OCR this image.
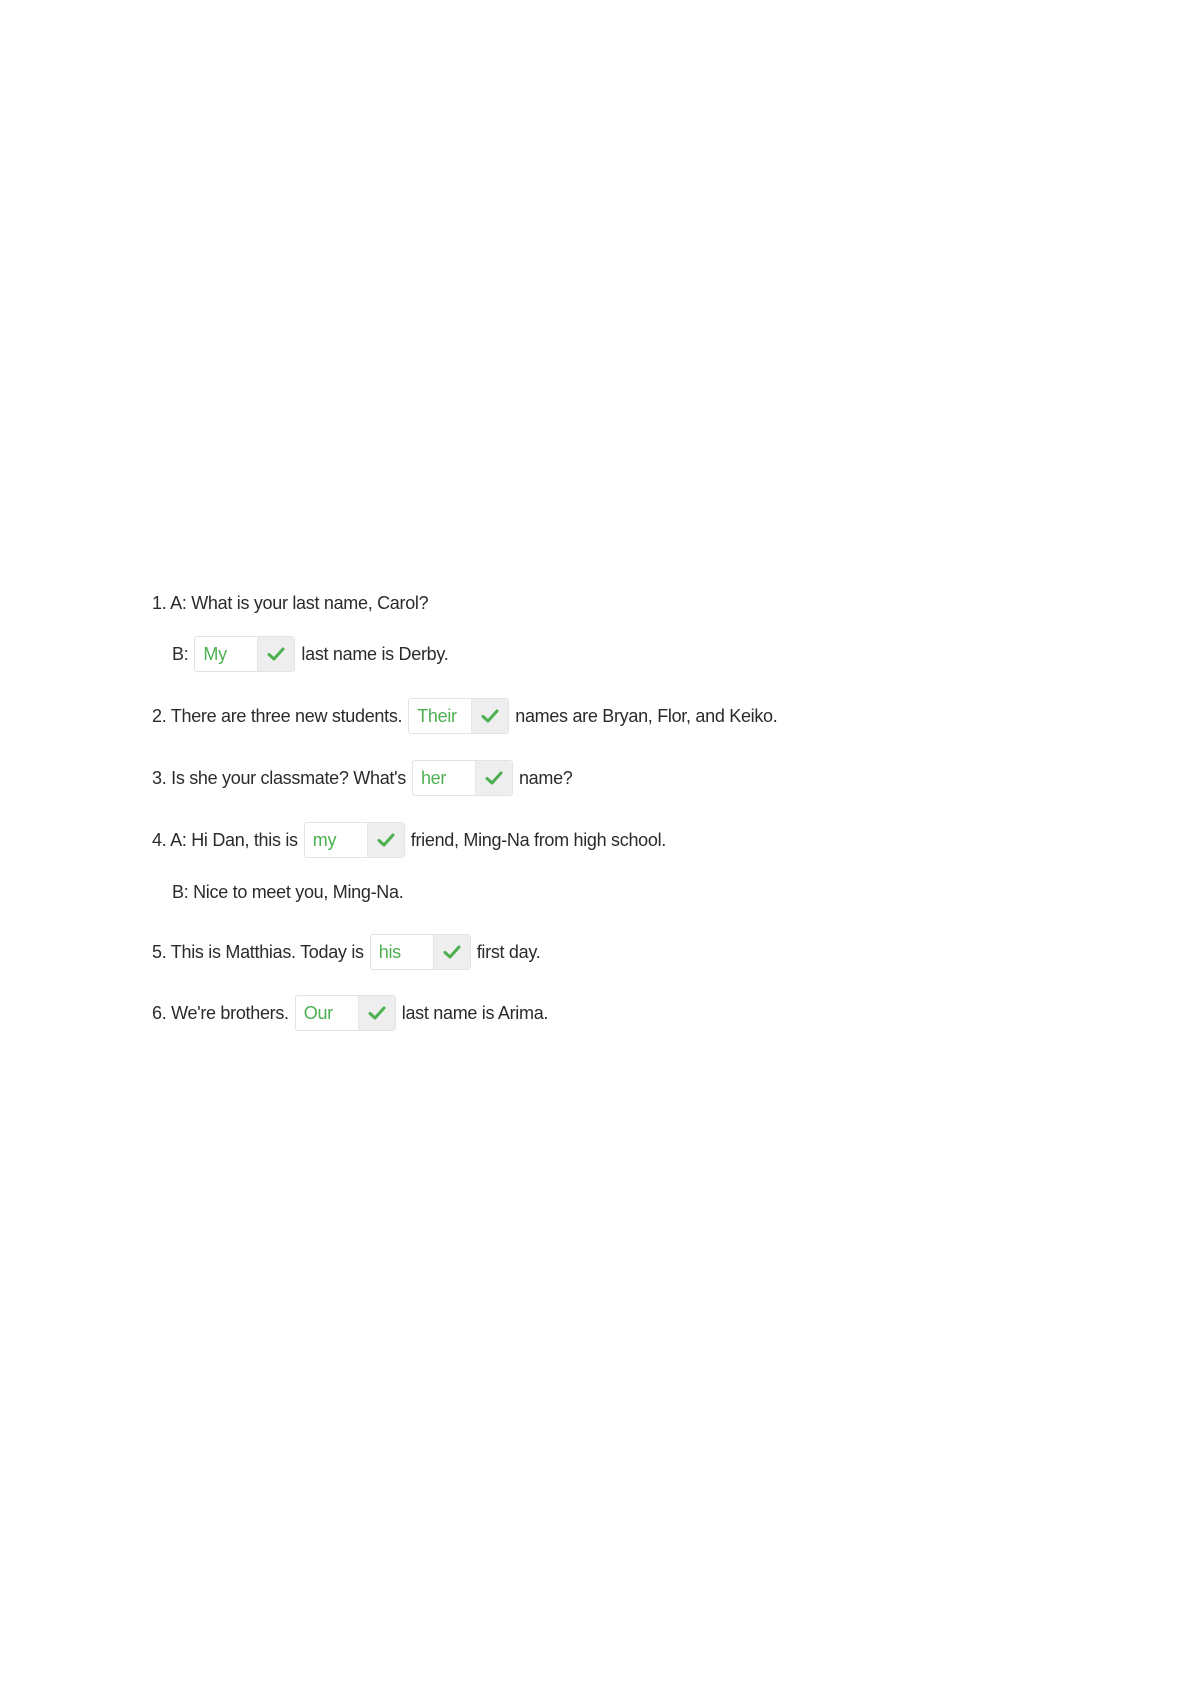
1. A: What is your last name, Carol?
B: My	last name is Derby.
2. There are three new students. Their	names are Bryan, Flor, and Keiko.
3. Is she your classmate? What's her	name?
4. A: Hi Dan, this is my	friend, Ming-Na from high school.
B: Nice to meet you, Ming-Na.
5. This is Matthias. Today is his	first day.
6. We're brothers. Our	last name is Arima.
